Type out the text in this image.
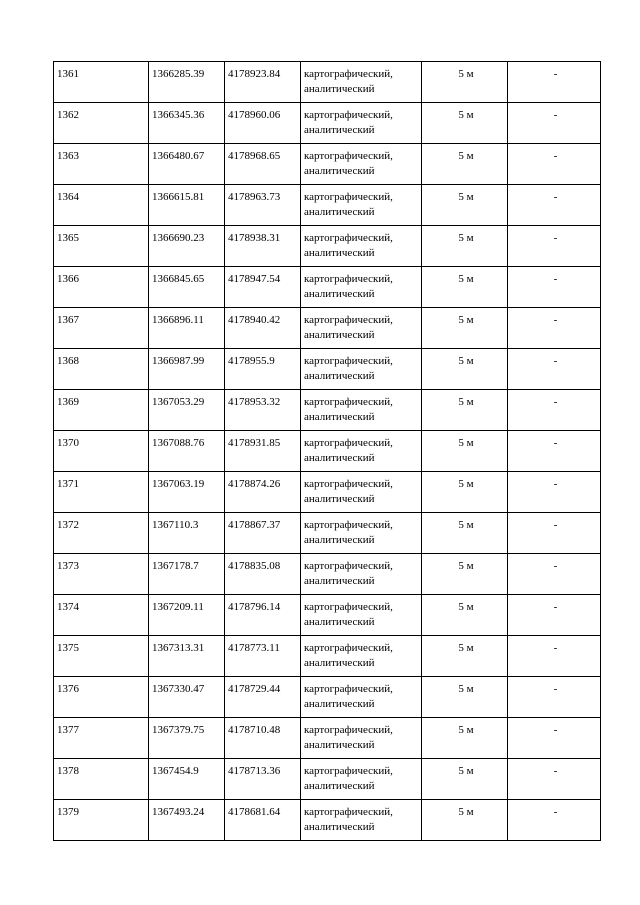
1361	1366285.39	4178923.84	картографический, аналитический	5 м	-

1362	1366345.36	4178960.06	картографический, аналитический	5 м	-

1363	1366480.67	4178968.65	картографический, аналитический	5 м	-

1364	1366615.81	4178963.73	картографический, аналитический	5 м	-

1365	1366690.23	4178938.31	картографический, аналитический	5 м	-

1366	1366845.65	4178947.54	картографический, аналитический	5 м	-

1367	1366896.11	4178940.42	картографический, аналитический	5 м	-

1368	1366987.99	4178955.9	картографический, аналитический	5 м	-

1369	1367053.29	4178953.32	картографический, аналитический	5 м	-

1370	1367088.76	4178931.85	картографический, аналитический	5 м	-

1371	1367063.19	4178874.26	картографический, аналитический	5 м	-

1372	1367110.3	4178867.37	картографический, аналитический	5 м	-

1373	1367178.7	4178835.08	картографический, аналитический	5 м	-

1374	1367209.11	4178796.14	картографический, аналитический	5 м	-

1375	1367313.31	4178773.11	картографический, аналитический	5 м	-

1376	1367330.47	4178729.44	картографический, аналитический	5 м	-

1377	1367379.75	4178710.48	картографический, аналитический	5 м	-

1378	1367454.9	4178713.36	картографический, аналитический	5 м	-

1379	1367493.24	4178681.64	картографический, аналитический	5 м	-
